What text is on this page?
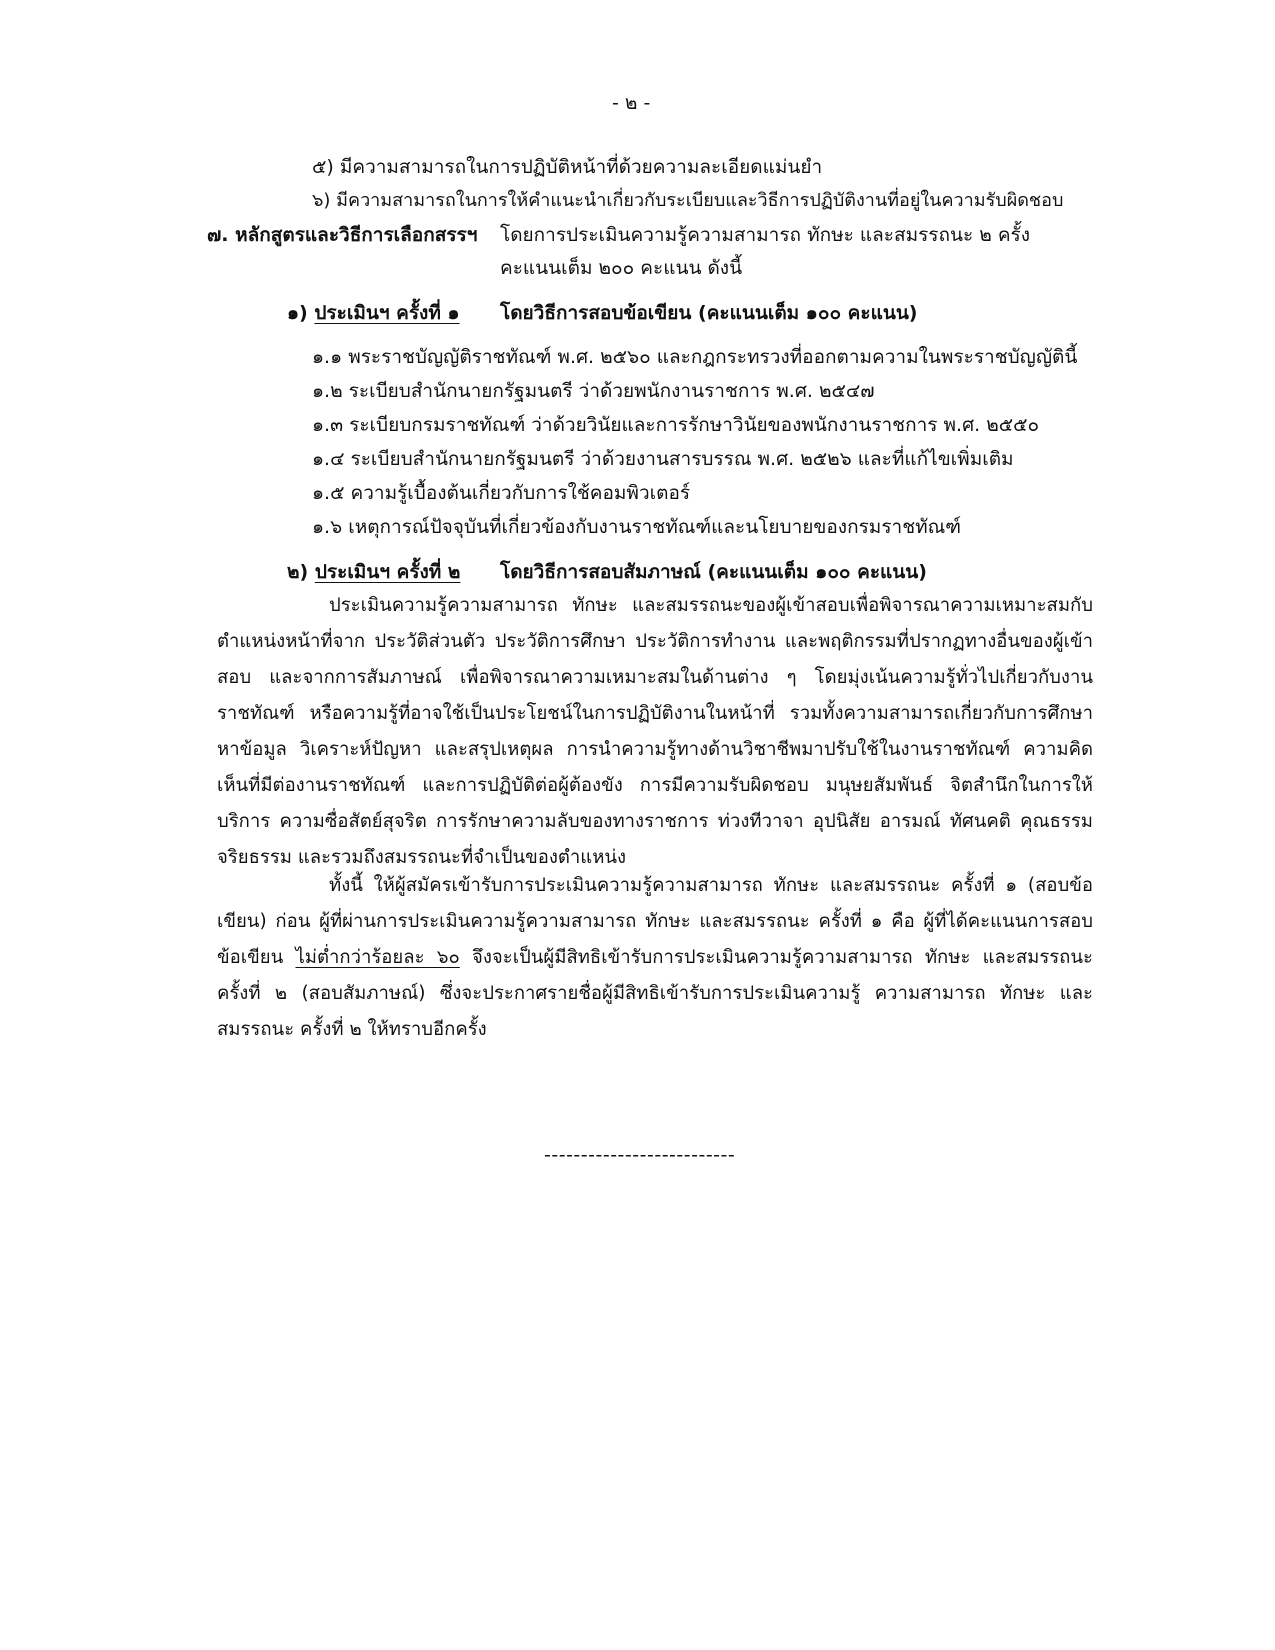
- ๒ -
๕) มีความสามารถในการปฏิบัติหน้าที่ด้วยความละเอียดแม่นยำ
๖) มีความสามารถในการให้คำแนะนำเกี่ยวกับระเบียบและวิธีการปฏิบัติงานที่อยู่ในความรับผิดชอบ
๗. หลักสูตรและวิธีการเลือกสรรฯ โดยการประเมินความรู้ความสามารถ ทักษะ และสมรรถนะ ๒ ครั้ง
คะแนนเต็ม ๒๐๐ คะแนน ดังนี้
๑) ประเมินฯ ครั้งที่ ๑ โดยวิธีการสอบข้อเขียน (คะแนนเต็ม ๑๐๐ คะแนน)
๑.๑ พระราชบัญญัติราชทัณฑ์ พ.ศ. ๒๕๖๐ และกฎกระทรวงที่ออกตามความในพระราชบัญญัตินี้
๑.๒ ระเบียบสำนักนายกรัฐมนตรี ว่าด้วยพนักงานราชการ พ.ศ. ๒๕๔๗
๑.๓ ระเบียบกรมราชทัณฑ์ ว่าด้วยวินัยและการรักษาวินัยของพนักงานราชการ พ.ศ. ๒๕๕๐
๑.๔ ระเบียบสำนักนายกรัฐมนตรี ว่าด้วยงานสารบรรณ พ.ศ. ๒๕๒๖ และที่แก้ไขเพิ่มเติม
๑.๕ ความรู้เบื้องต้นเกี่ยวกับการใช้คอมพิวเตอร์
๑.๖ เหตุการณ์ปัจจุบันที่เกี่ยวข้องกับงานราชทัณฑ์และนโยบายของกรมราชทัณฑ์
๒) ประเมินฯ ครั้งที่ ๒ โดยวิธีการสอบสัมภาษณ์ (คะแนนเต็ม ๑๐๐ คะแนน)
ประเมินความรู้ความสามารถ ทักษะ และสมรรถนะของผู้เข้าสอบเพื่อพิจารณาความเหมาะสมกับตำแหน่งหน้าที่จาก ประวัติส่วนตัว ประวัติการศึกษา ประวัติการทำงาน และพฤติกรรมที่ปรากฏทางอื่นของผู้เข้าสอบ และจากการสัมภาษณ์ เพื่อพิจารณาความเหมาะสมในด้านต่าง ๆ โดยมุ่งเน้นความรู้ทั่วไปเกี่ยวกับงานราชทัณฑ์ หรือความรู้ที่อาจใช้เป็นประโยชน์ในการปฏิบัติงานในหน้าที่ รวมทั้งความสามารถเกี่ยวกับการศึกษาหาข้อมูล วิเคราะห์ปัญหา และสรุปเหตุผล การนำความรู้ทางด้านวิชาชีพมาปรับใช้ในงานราชทัณฑ์ ความคิดเห็นที่มีต่องานราชทัณฑ์ และการปฏิบัติต่อผู้ต้องขัง การมีความรับผิดชอบ มนุษยสัมพันธ์ จิตสำนึกในการให้บริการ ความซื่อสัตย์สุจริต การรักษาความลับของทางราชการ ท่วงทีวาจา อุปนิสัย อารมณ์ ทัศนคติ คุณธรรม จริยธรรม และรวมถึงสมรรถนะที่จำเป็นของตำแหน่ง
ทั้งนี้ ให้ผู้สมัครเข้ารับการประเมินความรู้ความสามารถ ทักษะ และสมรรถนะ ครั้งที่ ๑ (สอบข้อเขียน) ก่อน ผู้ที่ผ่านการประเมินความรู้ความสามารถ ทักษะ และสมรรถนะ ครั้งที่ ๑ คือ ผู้ที่ได้คะแนนการสอบข้อเขียน ไม่ต่ำกว่าร้อยละ ๖๐ จึงจะเป็นผู้มีสิทธิเข้ารับการประเมินความรู้ความสามารถ ทักษะ และสมรรถนะ ครั้งที่ ๒ (สอบสัมภาษณ์) ซึ่งจะประกาศรายชื่อผู้มีสิทธิเข้ารับการประเมินความรู้ ความสามารถ ทักษะ และสมรรถนะ ครั้งที่ ๒ ให้ทราบอีกครั้ง
--------------------------
